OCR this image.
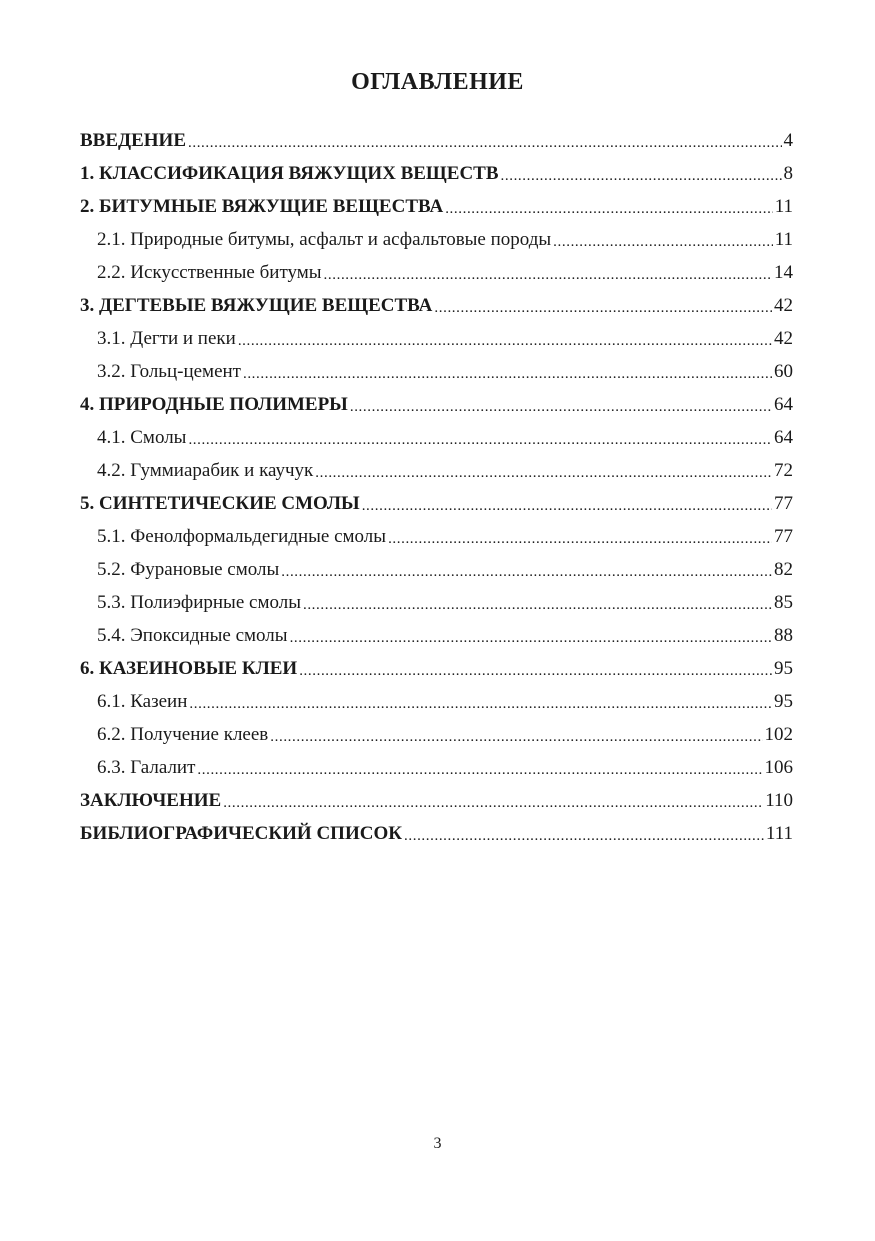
ОГЛАВЛЕНИЕ
ВВЕДЕНИЕ .....	4
1. КЛАССИФИКАЦИЯ ВЯЖУЩИХ ВЕЩЕСТВ .....	8
2. БИТУМНЫЕ ВЯЖУЩИЕ ВЕЩЕСТВА .....	11
2.1. Природные битумы, асфальт и асфальтовые породы .....	11
2.2. Искусственные битумы .....	14
3. ДЕГТЕВЫЕ ВЯЖУЩИЕ ВЕЩЕСТВА .....	42
3.1. Дегти и пеки .....	42
3.2. Гольц-цемент .....	60
4. ПРИРОДНЫЕ ПОЛИМЕРЫ .....	64
4.1. Смолы .....	64
4.2. Гуммиарабик и каучук .....	72
5. СИНТЕТИЧЕСКИЕ СМОЛЫ .....	77
5.1. Фенолформальдегидные смолы .....	77
5.2. Фурановые смолы .....	82
5.3. Полиэфирные смолы .....	85
5.4. Эпоксидные смолы .....	88
6. КАЗЕИНОВЫЕ КЛЕИ .....	95
6.1. Казеин .....	95
6.2. Получение клеев .....	102
6.3. Галалит .....	106
ЗАКЛЮЧЕНИЕ .....	110
БИБЛИОГРАФИЧЕСКИЙ СПИСОК .....	111
3
